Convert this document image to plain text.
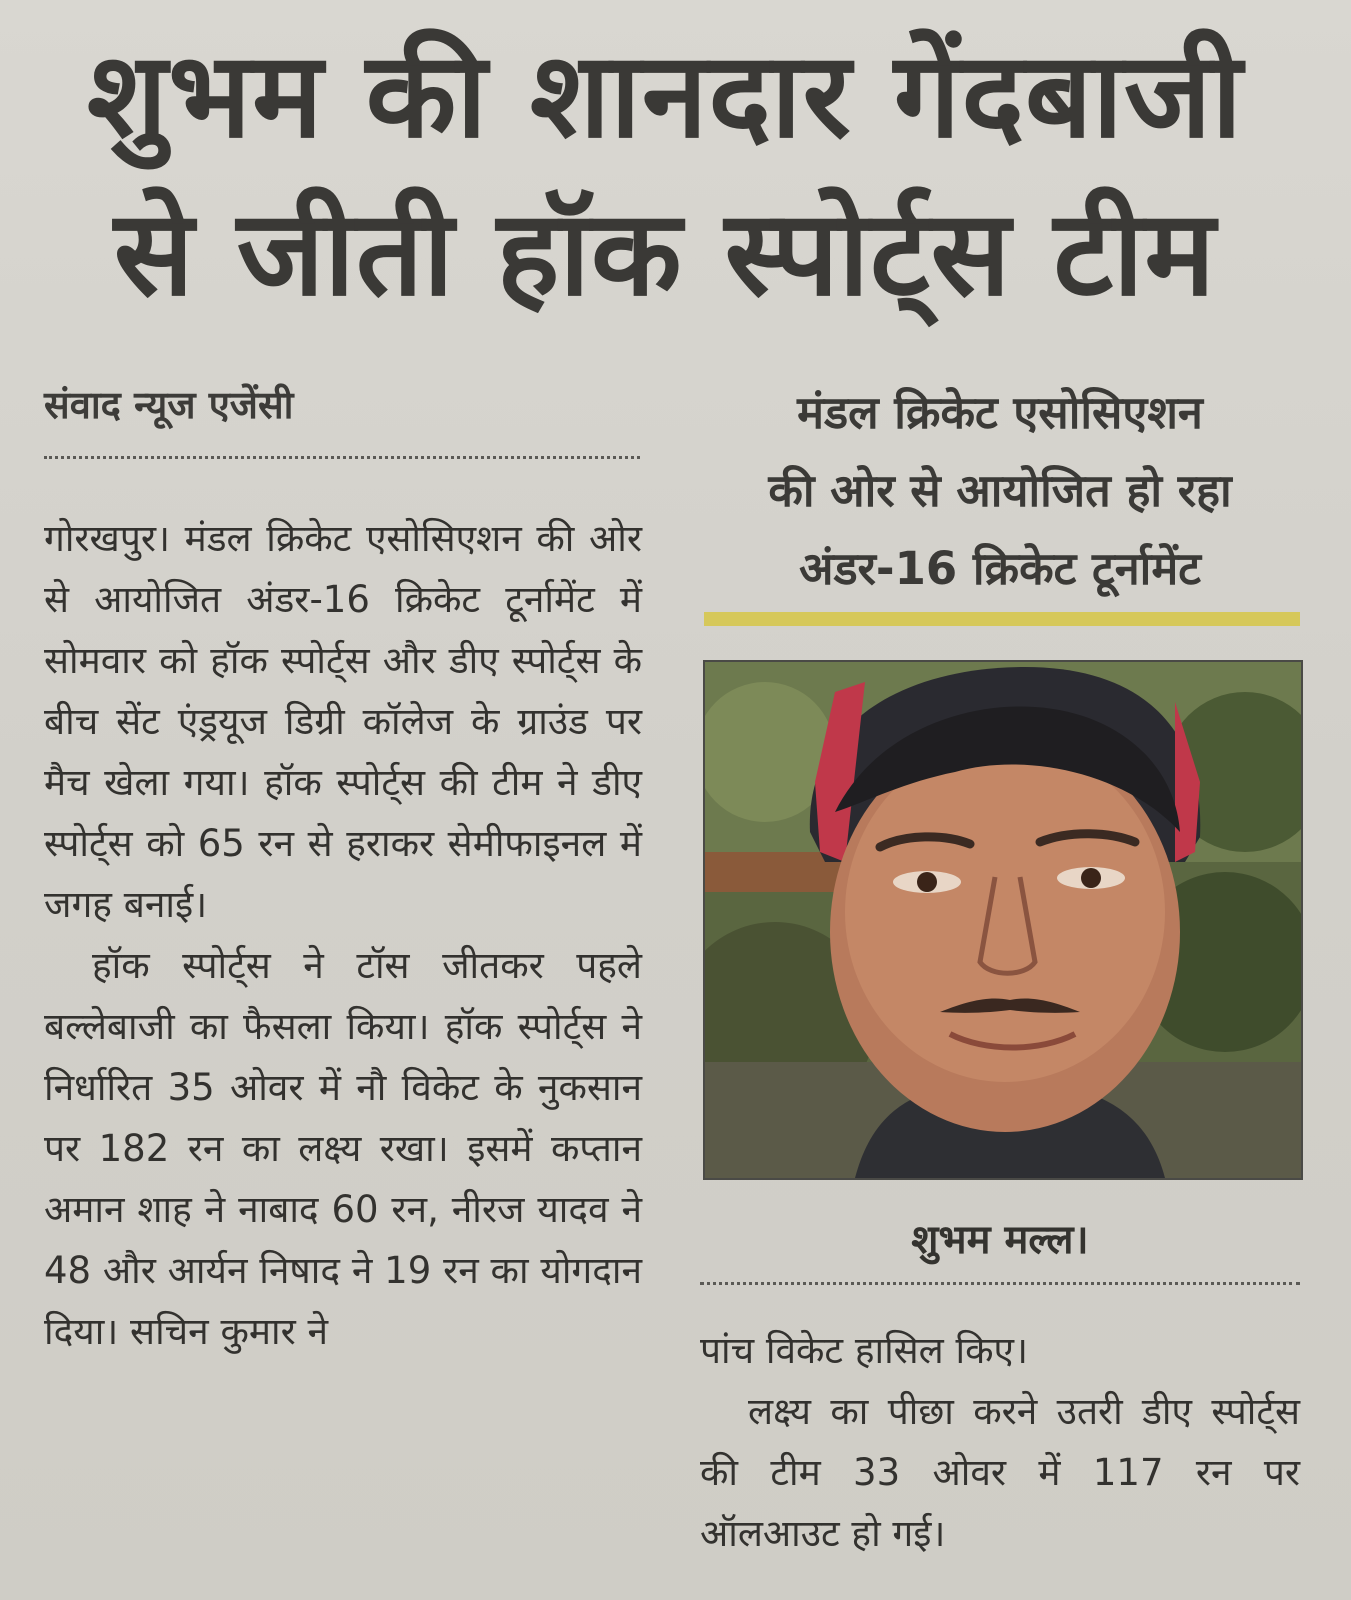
शुभम की शानदार गेंदबाजी
से जीती हॉक स्पोर्ट्स टीम
संवाद न्यूज एजेंसी

गोरखपुर। मंडल क्रिकेट एसोसिएशन की ओर से आयोजित अंडर-16 क्रिकेट टूर्नामेंट में सोमवार को हॉक स्पोर्ट्स और डीए स्पोर्ट्स के बीच सेंट एंड्रयूज डिग्री कॉलेज के ग्राउंड पर मैच खेला गया। हॉक स्पोर्ट्स की टीम ने डीए स्पोर्ट्स को 65 रन से हराकर सेमीफाइनल में जगह बनाई।

हॉक स्पोर्ट्स ने टॉस जीतकर पहले बल्लेबाजी का फैसला किया। हॉक स्पोर्ट्स ने निर्धारित 35 ओवर में नौ विकेट के नुकसान पर 182 रन का लक्ष्य रखा। इसमें कप्तान अमान शाह ने नाबाद 60 रन, नीरज यादव ने 48 और आर्यन निषाद ने 19 रन का योगदान दिया। सचिन कुमार ने

मंडल क्रिकेट एसोसिएशन
की ओर से आयोजित हो रहा
अंडर-16 क्रिकेट टूर्नामेंट
शुभम मल्ल।

पांच विकेट हासिल किए।

लक्ष्य का पीछा करने उतरी डीए स्पोर्ट्स की टीम 33 ओवर में 117 रन पर ऑलआउट हो गई।
